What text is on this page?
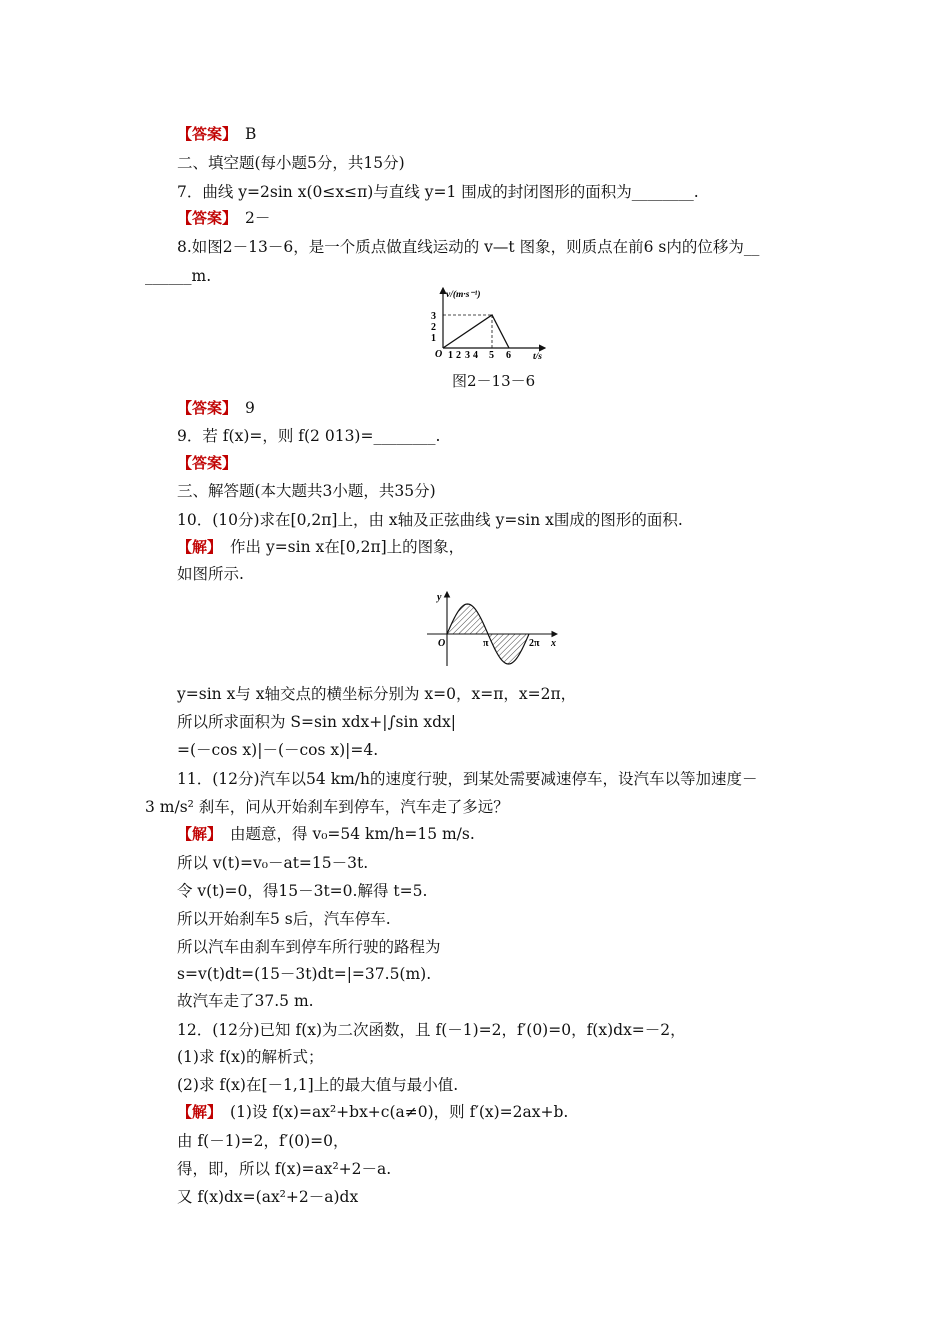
【答案】 B
二、填空题(每小题5分，共15分)
7．曲线 y=2sin x(0≤x≤π)与直线 y=1 围成的封闭图形的面积为________.
【答案】 2－
8.如图2－13－6，是一个质点做直线运动的 v—t 图象，则质点在前6 s内的位移为__
______m.
v/(m·s⁻¹)
t/s
O
1
2
3
1 2 3 4 5 6
图2－13－6
【答案】 9
9．若 f(x)=，则 f(2 013)=________.
【答案】
三、解答题(本大题共3小题，共35分)
10．(10分)求在[0,2π]上，由 x轴及正弦曲线 y=sin x围成的图形的面积.
【解】 作出 y=sin x在[0,2π]上的图象，
如图所示.
y
x
O	π	2π
y=sin x与 x轴交点的横坐标分别为 x=0，x=π，x=2π，
所以所求面积为 S=sin xdx+|∫sin xdx|
=(－cos x)|－(－cos x)|=4.
11．(12分)汽车以54 km/h的速度行驶，到某处需要减速停车，设汽车以等加速度－
3 m/s² 刹车，问从开始刹车到停车，汽车走了多远？
【解】 由题意，得 v₀=54 km/h=15 m/s.
所以 v(t)=v₀－at=15－3t.
令 v(t)=0，得15－3t=0.解得 t=5.
所以开始刹车5 s后，汽车停车.
所以汽车由刹车到停车所行驶的路程为
s=v(t)dt=(15－3t)dt=|=37.5(m).
故汽车走了37.5 m.
12．(12分)已知 f(x)为二次函数，且 f(－1)=2，f′(0)=0，f(x)dx=－2，
(1)求 f(x)的解析式；
(2)求 f(x)在[－1,1]上的最大值与最小值.
【解】 (1)设 f(x)=ax²+bx+c(a≠0)，则 f′(x)=2ax+b.
由 f(－1)=2，f′(0)=0，
得，即，所以 f(x)=ax²+2－a.
又 f(x)dx=(ax²+2－a)dx
